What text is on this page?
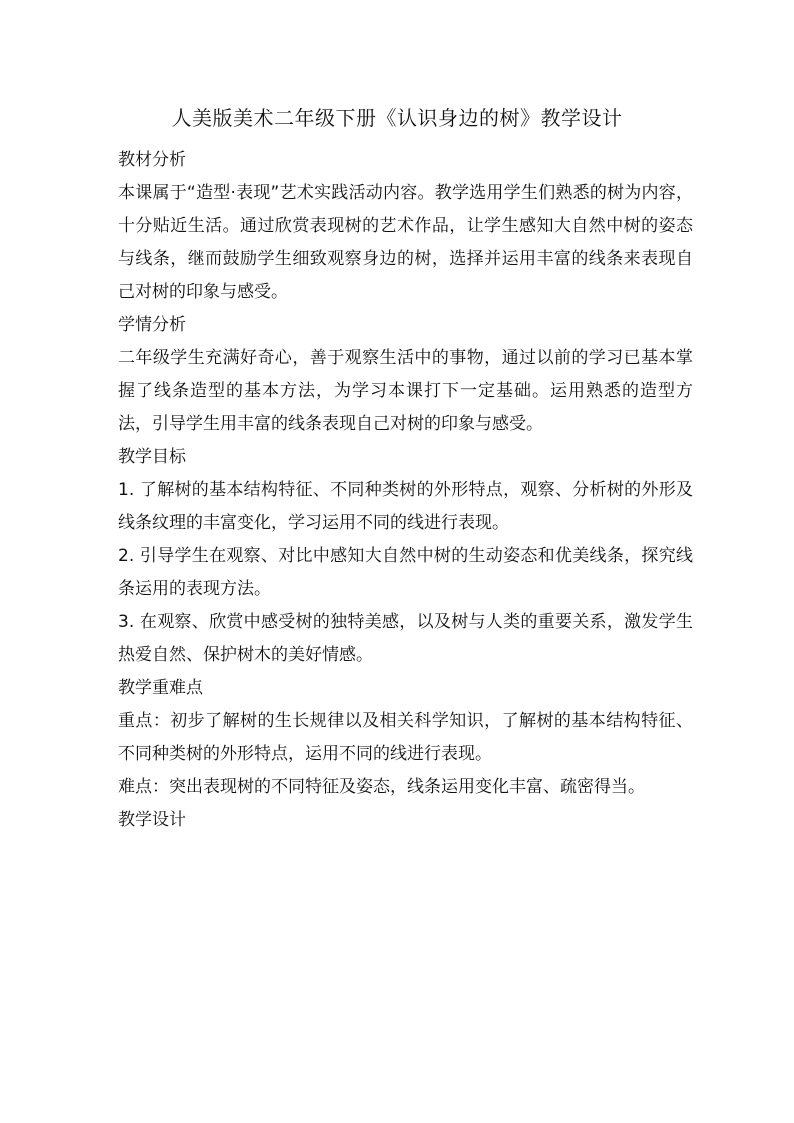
人美版美术二年级下册《认识身边的树》教学设计
教材分析

本课属于“造型·表现”艺术实践活动内容。教学选用学生们熟悉的树为内容，十分贴近生活。通过欣赏表现树的艺术作品，让学生感知大自然中树的姿态与线条，继而鼓励学生细致观察身边的树，选择并运用丰富的线条来表现自己对树的印象与感受。

学情分析

二年级学生充满好奇心，善于观察生活中的事物，通过以前的学习已基本掌握了线条造型的基本方法，为学习本课打下一定基础。运用熟悉的造型方法，引导学生用丰富的线条表现自己对树的印象与感受。

教学目标

1. 了解树的基本结构特征、不同种类树的外形特点，观察、分析树的外形及线条纹理的丰富变化，学习运用不同的线进行表现。

2. 引导学生在观察、对比中感知大自然中树的生动姿态和优美线条，探究线条运用的表现方法。

3. 在观察、欣赏中感受树的独特美感，以及树与人类的重要关系，激发学生热爱自然、保护树木的美好情感。

教学重难点

重点：初步了解树的生长规律以及相关科学知识，了解树的基本结构特征、不同种类树的外形特点，运用不同的线进行表现。

难点：突出表现树的不同特征及姿态，线条运用变化丰富、疏密得当。

教学设计
